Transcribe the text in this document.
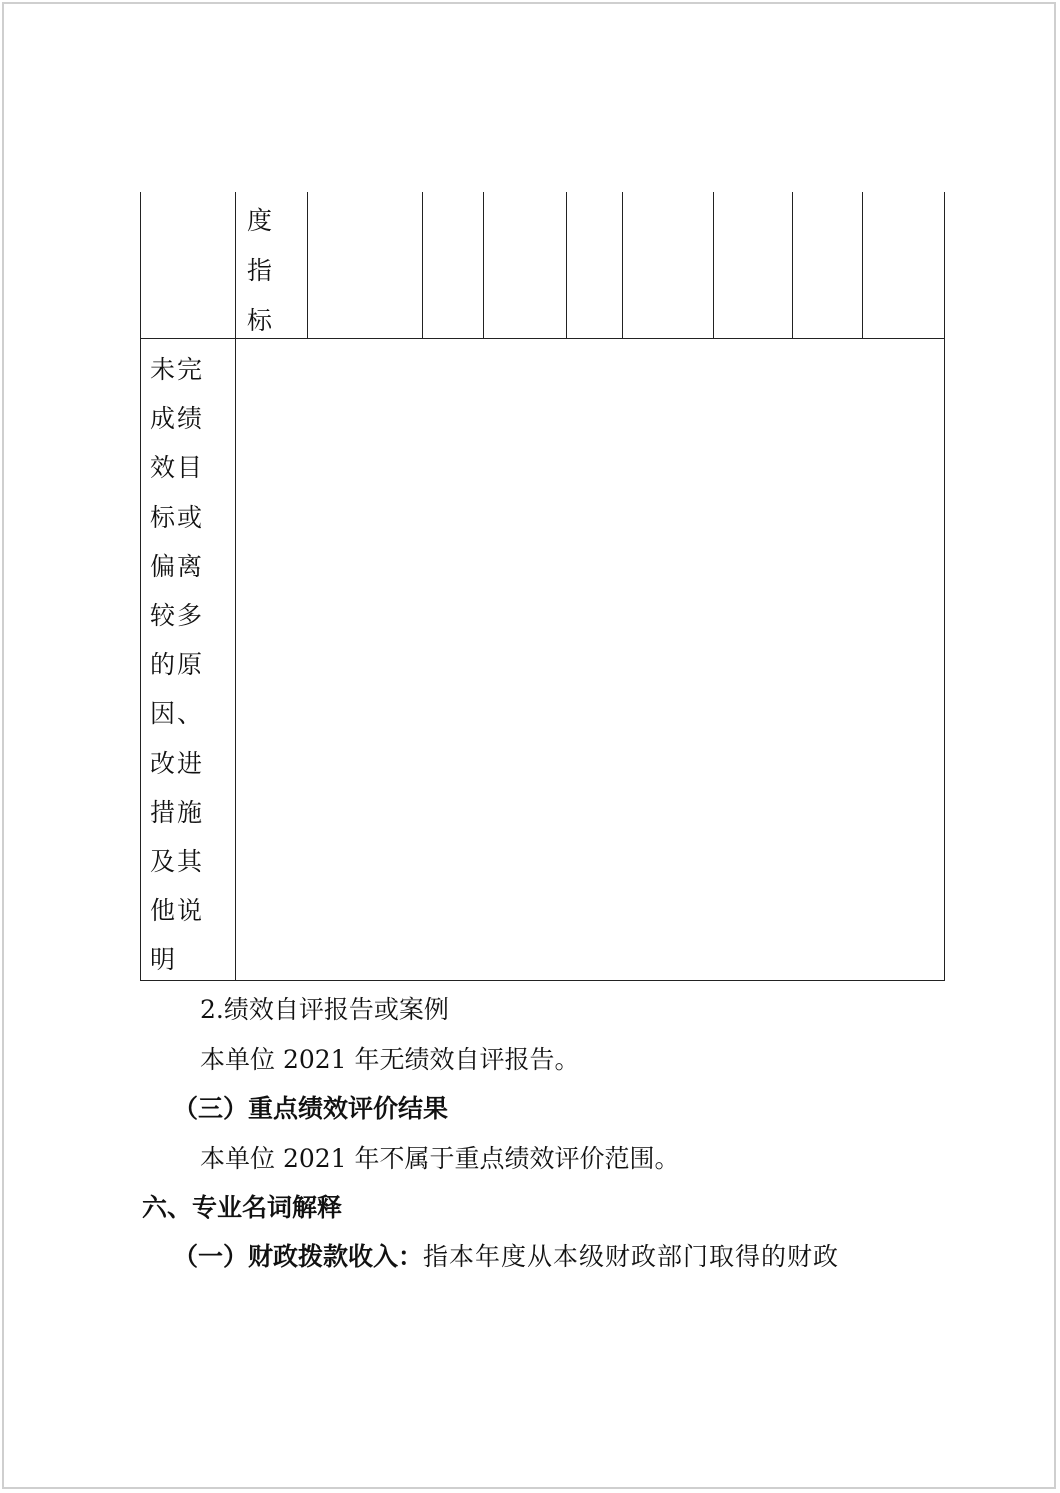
度
指
标
未完成绩效目标或偏离较多的原因、改进措施及其他说明
2.绩效自评报告或案例
本单位 2021 年无绩效自评报告。
（三）重点绩效评价结果
本单位 2021 年不属于重点绩效评价范围。
六、专业名词解释
（一）财政拨款收入：指本年度从本级财政部门取得的财政
